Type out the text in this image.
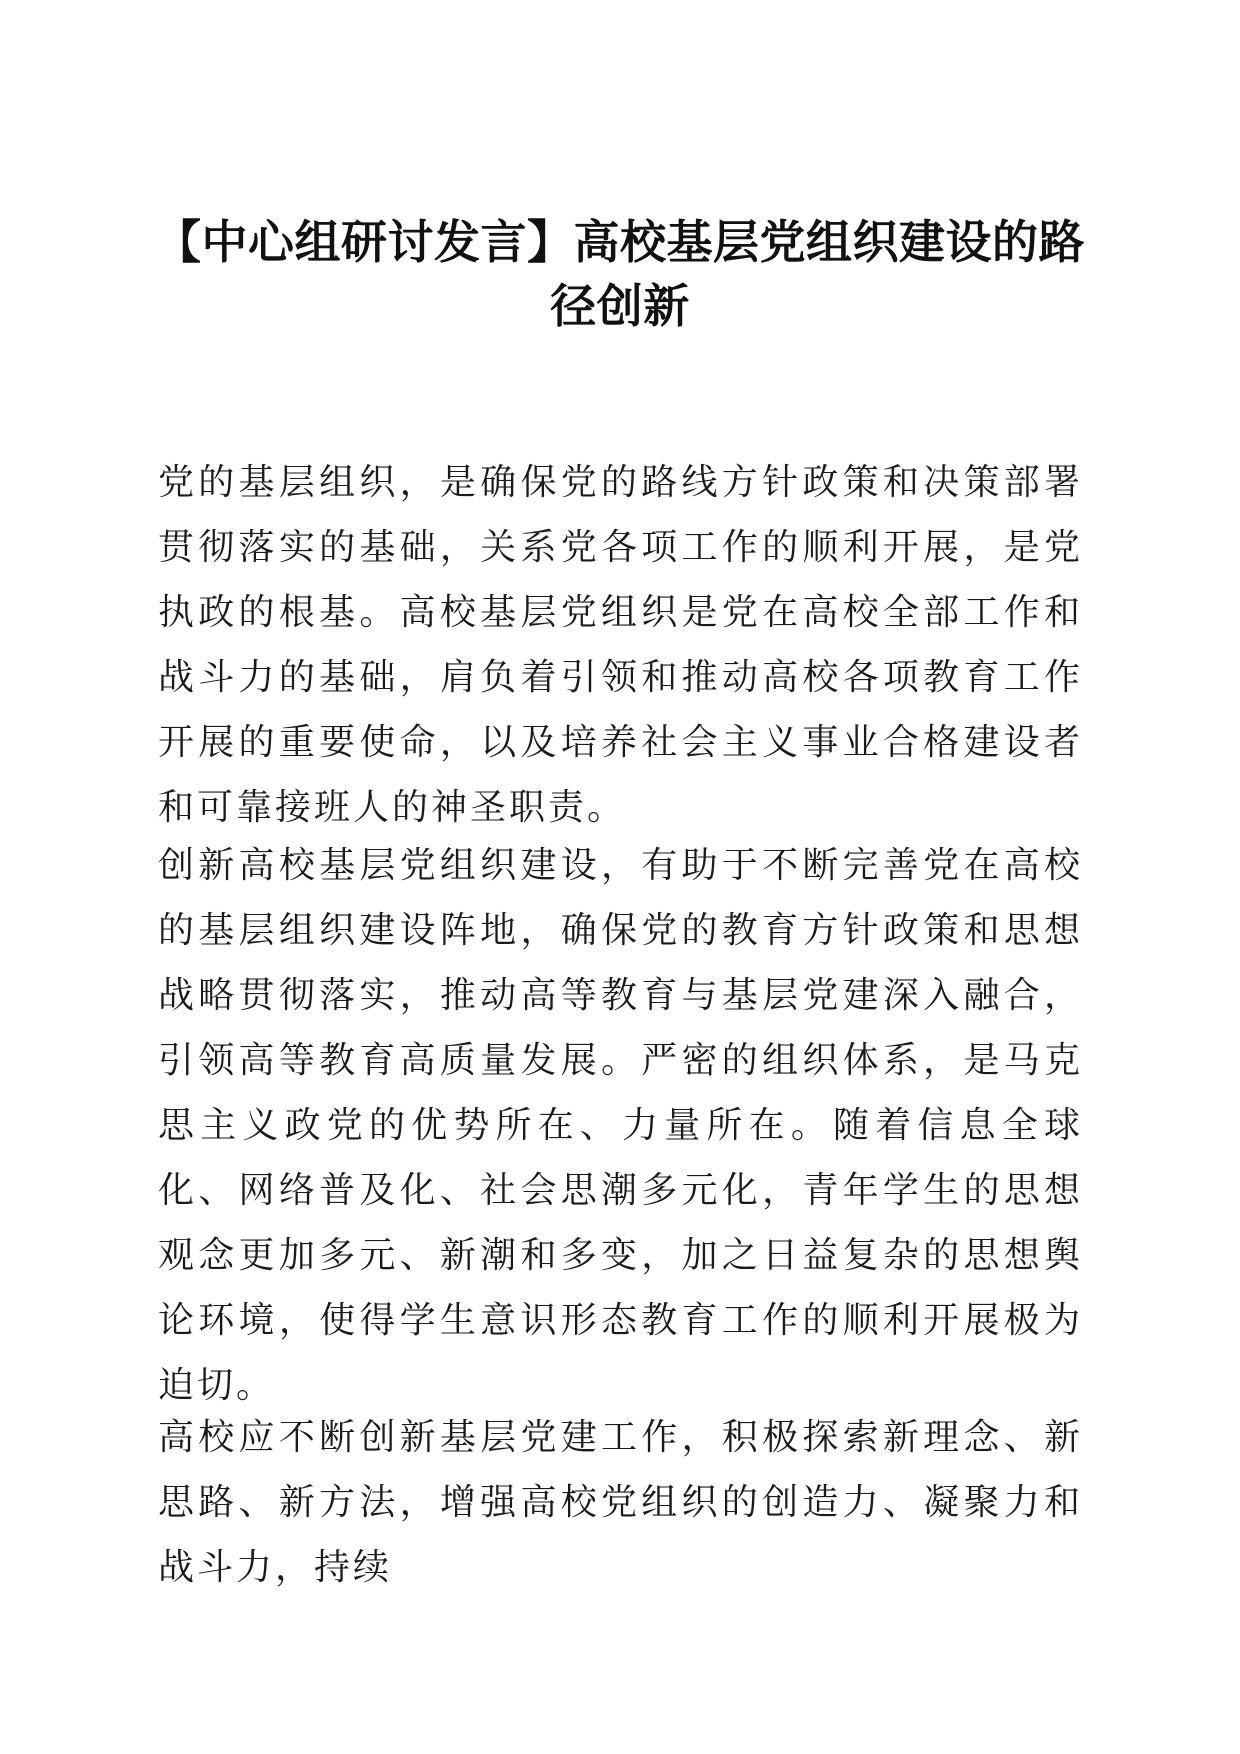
【中心组研讨发言】高校基层党组织建设的路径创新

党的基层组织，是确保党的路线方针政策和决策部署贯彻落实的基础，关系党各项工作的顺利开展，是党执政的根基。高校基层党组织是党在高校全部工作和战斗力的基础，肩负着引领和推动高校各项教育工作开展的重要使命，以及培养社会主义事业合格建设者和可靠接班人的神圣职责。

创新高校基层党组织建设，有助于不断完善党在高校的基层组织建设阵地，确保党的教育方针政策和思想战略贯彻落实，推动高等教育与基层党建深入融合，引领高等教育高质量发展。严密的组织体系，是马克思主义政党的优势所在、力量所在。随着信息全球化、网络普及化、社会思潮多元化，青年学生的思想观念更加多元、新潮和多变，加之日益复杂的思想舆论环境，使得学生意识形态教育工作的顺利开展极为迫切。

高校应不断创新基层党建工作，积极探索新理念、新思路、新方法，增强高校党组织的创造力、凝聚力和战斗力，持续
